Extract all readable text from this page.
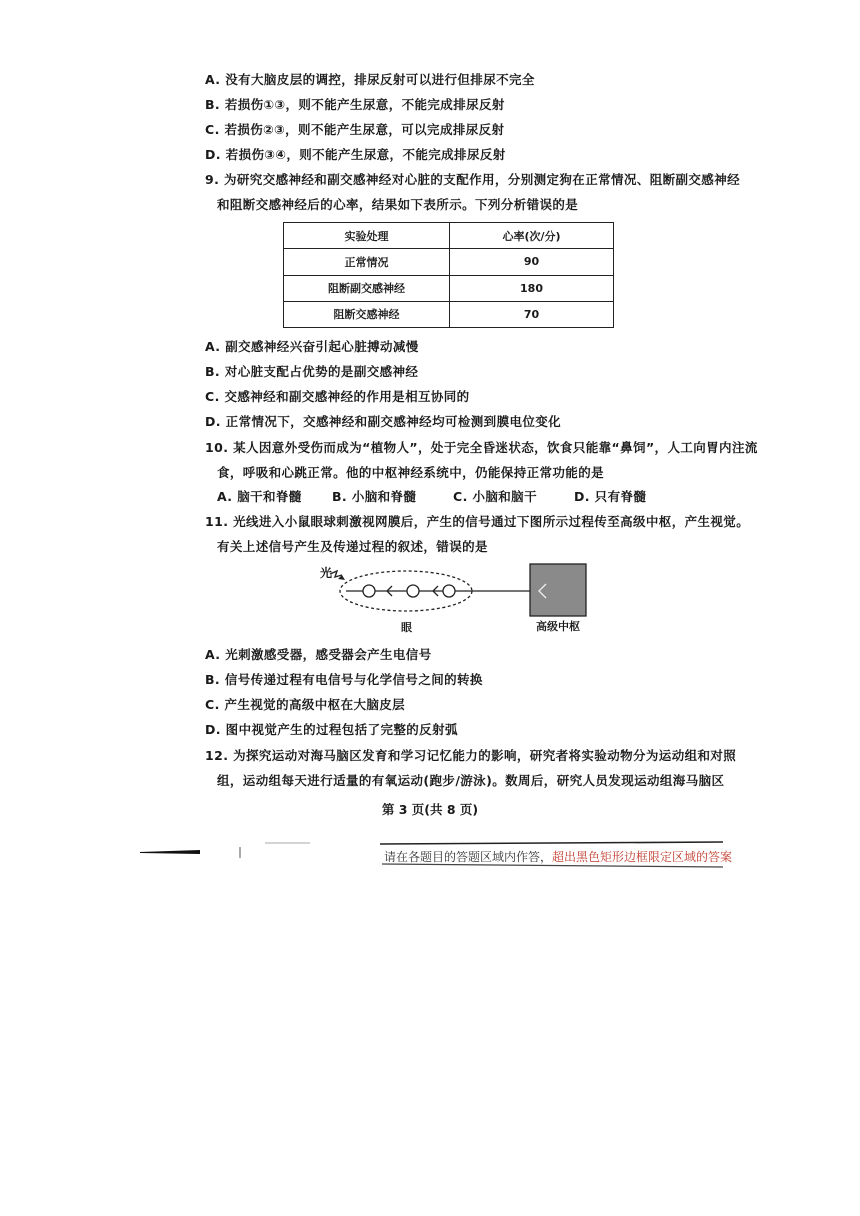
A. 没有大脑皮层的调控，排尿反射可以进行但排尿不完全
B. 若损伤①③，则不能产生尿意，不能完成排尿反射
C. 若损伤②③，则不能产生尿意，可以完成排尿反射
D. 若损伤③④，则不能产生尿意，不能完成排尿反射
9. 为研究交感神经和副交感神经对心脏的支配作用，分别测定狗在正常情况、阻断副交感神经
和阻断交感神经后的心率，结果如下表所示。下列分析错误的是
实验处理	心率(次/分)
正常情况	90
阻断副交感神经	180
阻断交感神经	70
A. 副交感神经兴奋引起心脏搏动减慢
B. 对心脏支配占优势的是副交感神经
C. 交感神经和副交感神经的作用是相互协同的
D. 正常情况下，交感神经和副交感神经均可检测到膜电位变化
10. 某人因意外受伤而成为“植物人”，处于完全昏迷状态，饮食只能靠“鼻饲”，人工向胃内注流
食，呼吸和心跳正常。他的中枢神经系统中，仍能保持正常功能的是
A. 脑干和脊髓 B. 小脑和脊髓	C. 小脑和脑干	D. 只有脊髓
11. 光线进入小鼠眼球刺激视网膜后，产生的信号通过下图所示过程传至高级中枢，产生视觉。
有关上述信号产生及传递过程的叙述，错误的是
光
眼	高级中枢
A. 光刺激感受器，感受器会产生电信号
B. 信号传递过程有电信号与化学信号之间的转换
C. 产生视觉的高级中枢在大脑皮层
D. 图中视觉产生的过程包括了完整的反射弧
12. 为探究运动对海马脑区发育和学习记忆能力的影响，研究者将实验动物分为运动组和对照
组，运动组每天进行适量的有氧运动(跑步/游泳)。数周后，研究人员发现运动组海马脑区
第 3 页(共 8 页)
请在各题目的答题区域内作答，超出黑色矩形边框限定区域的答案
